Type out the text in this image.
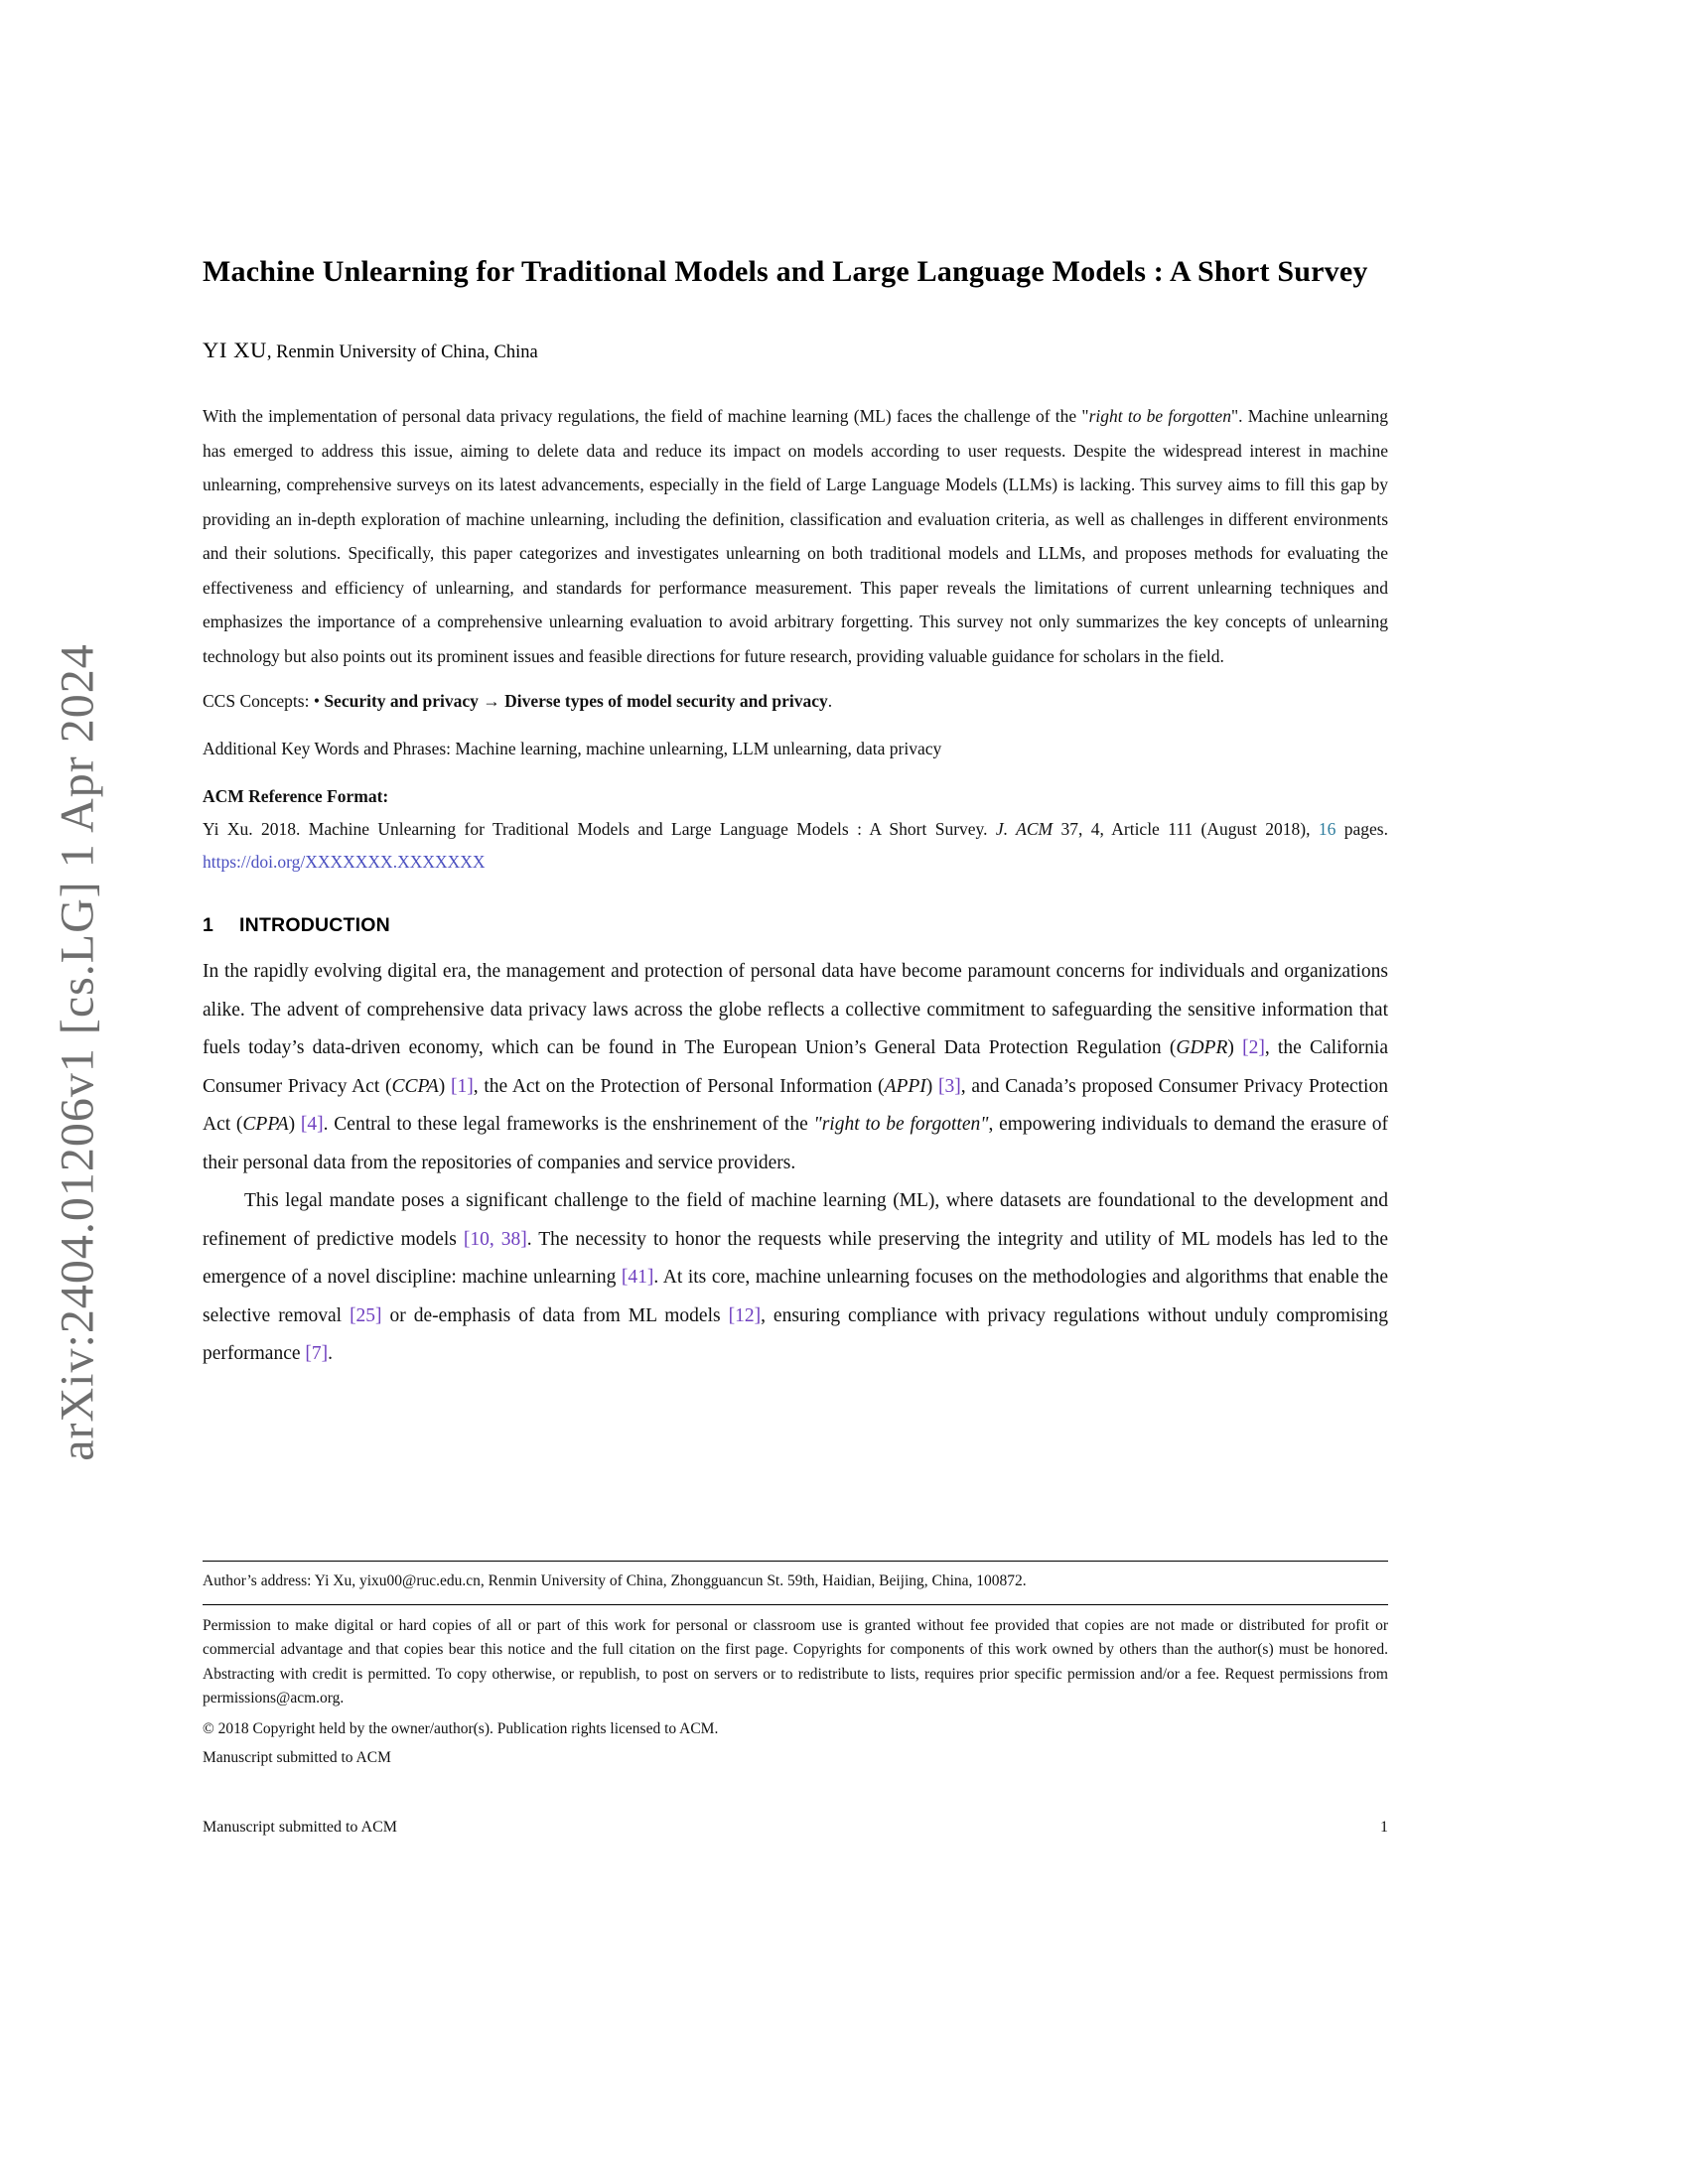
arXiv:2404.01206v1 [cs.LG] 1 Apr 2024
Machine Unlearning for Traditional Models and Large Language Models : A Short Survey
YI XU, Renmin University of China, China

With the implementation of personal data privacy regulations, the field of machine learning (ML) faces the challenge of the "right to be forgotten". Machine unlearning has emerged to address this issue, aiming to delete data and reduce its impact on models according to user requests. Despite the widespread interest in machine unlearning, comprehensive surveys on its latest advancements, especially in the field of Large Language Models (LLMs) is lacking. This survey aims to fill this gap by providing an in-depth exploration of machine unlearning, including the definition, classification and evaluation criteria, as well as challenges in different environments and their solutions. Specifically, this paper categorizes and investigates unlearning on both traditional models and LLMs, and proposes methods for evaluating the effectiveness and efficiency of unlearning, and standards for performance measurement. This paper reveals the limitations of current unlearning techniques and emphasizes the importance of a comprehensive unlearning evaluation to avoid arbitrary forgetting. This survey not only summarizes the key concepts of unlearning technology but also points out its prominent issues and feasible directions for future research, providing valuable guidance for scholars in the field.

CCS Concepts: • Security and privacy → Diverse types of model security and privacy.

Additional Key Words and Phrases: Machine learning, machine unlearning, LLM unlearning, data privacy

ACM Reference Format:

Yi Xu. 2018. Machine Unlearning for Traditional Models and Large Language Models : A Short Survey. J. ACM 37, 4, Article 111 (August 2018), 16 pages. https://doi.org/XXXXXXX.XXXXXXX

1 INTRODUCTION

In the rapidly evolving digital era, the management and protection of personal data have become paramount concerns for individuals and organizations alike. The advent of comprehensive data privacy laws across the globe reflects a collective commitment to safeguarding the sensitive information that fuels today’s data-driven economy, which can be found in The European Union’s General Data Protection Regulation (GDPR) [2], the California Consumer Privacy Act (CCPA) [1], the Act on the Protection of Personal Information (APPI) [3], and Canada’s proposed Consumer Privacy Protection Act (CPPA) [4]. Central to these legal frameworks is the enshrinement of the "right to be forgotten", empowering individuals to demand the erasure of their personal data from the repositories of companies and service providers.

This legal mandate poses a significant challenge to the field of machine learning (ML), where datasets are foundational to the development and refinement of predictive models [10, 38]. The necessity to honor the requests while preserving the integrity and utility of ML models has led to the emergence of a novel discipline: machine unlearning [41]. At its core, machine unlearning focuses on the methodologies and algorithms that enable the selective removal [25] or de-emphasis of data from ML models [12], ensuring compliance with privacy regulations without unduly compromising performance [7].

Author’s address: Yi Xu, yixu00@ruc.edu.cn, Renmin University of China, Zhongguancun St. 59th, Haidian, Beijing, China, 100872.

Permission to make digital or hard copies of all or part of this work for personal or classroom use is granted without fee provided that copies are not made or distributed for profit or commercial advantage and that copies bear this notice and the full citation on the first page. Copyrights for components of this work owned by others than the author(s) must be honored. Abstracting with credit is permitted. To copy otherwise, or republish, to post on servers or to redistribute to lists, requires prior specific permission and/or a fee. Request permissions from permissions@acm.org.

© 2018 Copyright held by the owner/author(s). Publication rights licensed to ACM.

Manuscript submitted to ACM

Manuscript submitted to ACM	1
